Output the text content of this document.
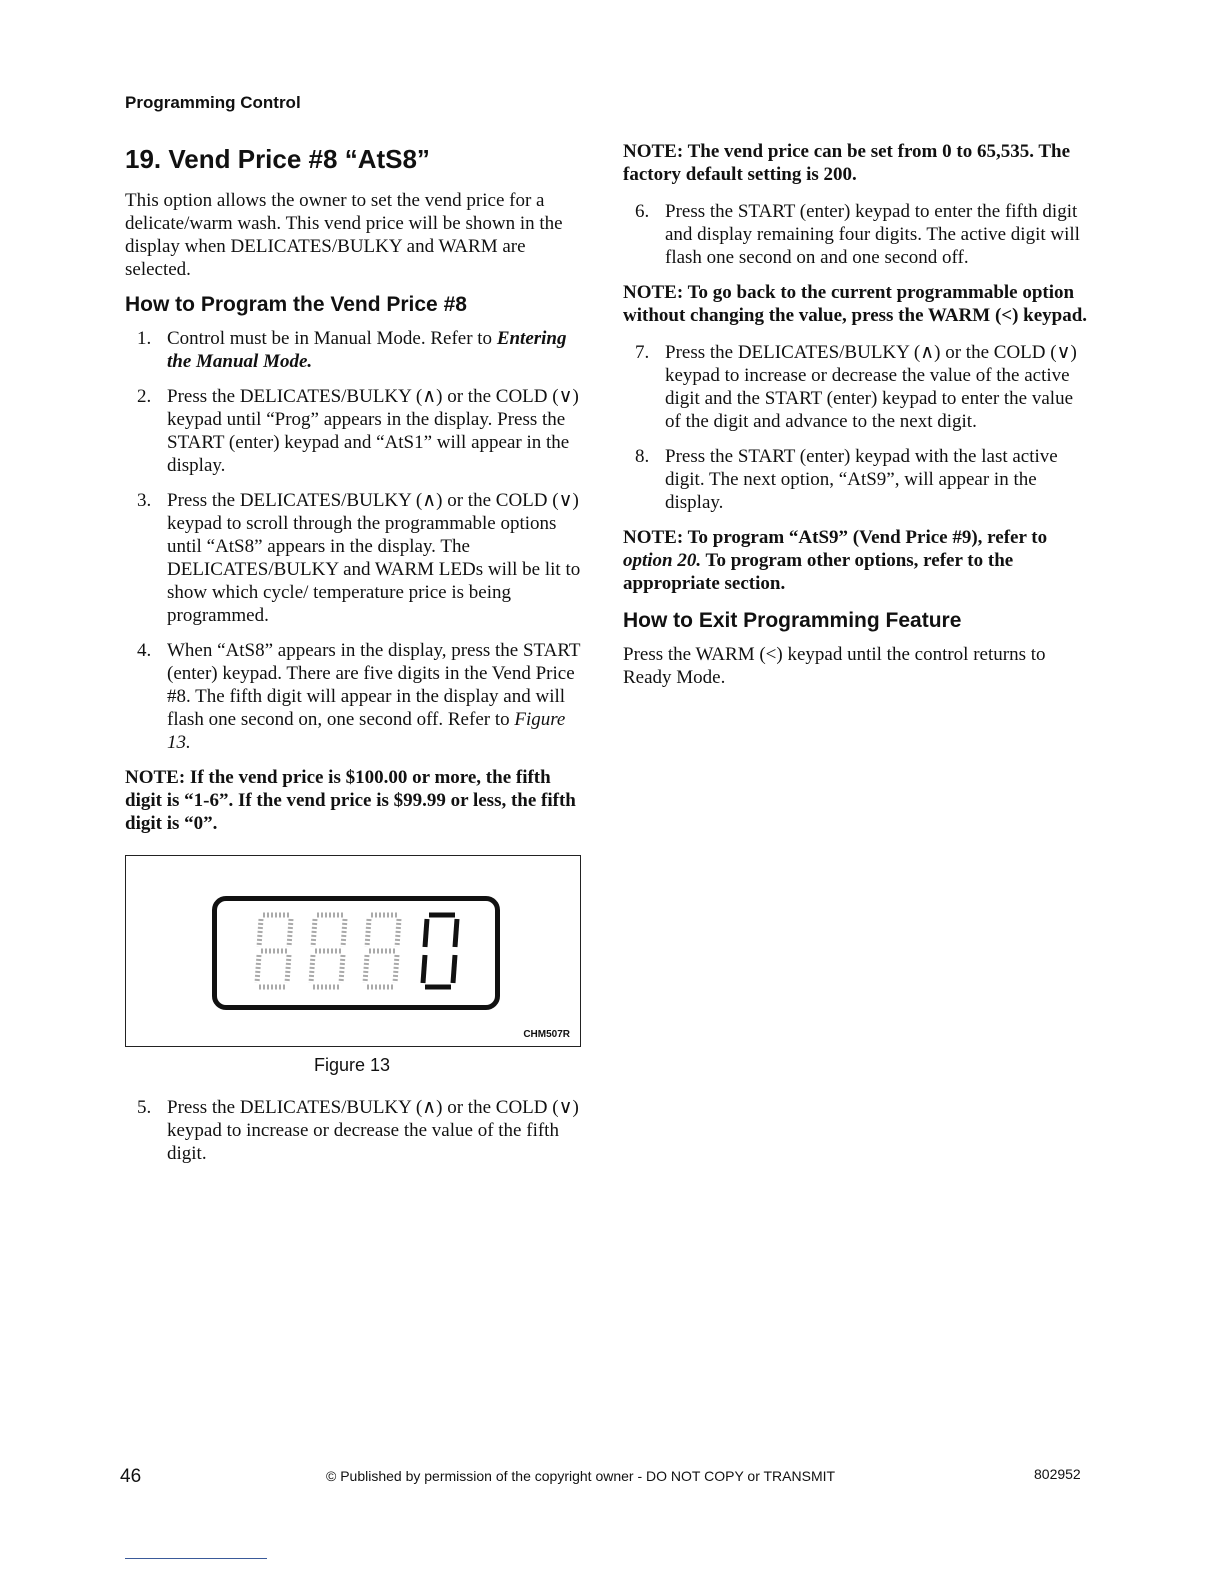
Programming Control
19. Vend Price #8 “AtS8”

This option allows the owner to set the vend price for a delicate/warm wash. This vend price will be shown in the display when DELICATES/BULKY and WARM are selected.

How to Program the Vend Price #8
1. Control must be in Manual Mode. Refer to Entering the Manual Mode.
2. Press the DELICATES/BULKY (∧) or the COLD (∨) keypad until “Prog” appears in the display. Press the START (enter) keypad and “AtS1” will appear in the display.
3. Press the DELICATES/BULKY (∧) or the COLD (∨) keypad to scroll through the programmable options until “AtS8” appears in the display. The DELICATES/BULKY and WARM LEDs will be lit to show which cycle/ temperature price is being programmed.
4. When “AtS8” appears in the display, press the START (enter) keypad. There are five digits in the Vend Price #8. The fifth digit will appear in the display and will flash one second on, one second off. Refer to Figure 13.
NOTE: If the vend price is $100.00 or more, the fifth digit is “1-6”. If the vend price is $99.99 or less, the fifth digit is “0”.
CHM507R
Figure 13
5. Press the DELICATES/BULKY (∧) or the COLD (∨) keypad to increase or decrease the value of the fifth digit.
NOTE: The vend price can be set from 0 to 65,535. The factory default setting is 200.
6. Press the START (enter) keypad to enter the fifth digit and display remaining four digits. The active digit will flash one second on and one second off.
NOTE: To go back to the current programmable option without changing the value, press the WARM (<) keypad.
7. Press the DELICATES/BULKY (∧) or the COLD (∨) keypad to increase or decrease the value of the active digit and the START (enter) keypad to enter the value of the digit and advance to the next digit.
8. Press the START (enter) keypad with the last active digit. The next option, “AtS9”, will appear in the display.
NOTE: To program “AtS9” (Vend Price #9), refer to option 20. To program other options, refer to the appropriate section.
How to Exit Programming Feature

Press the WARM (<) keypad until the control returns to Ready Mode.

46	© Published by permission of the copyright owner - DO NOT COPY or TRANSMIT	802952
